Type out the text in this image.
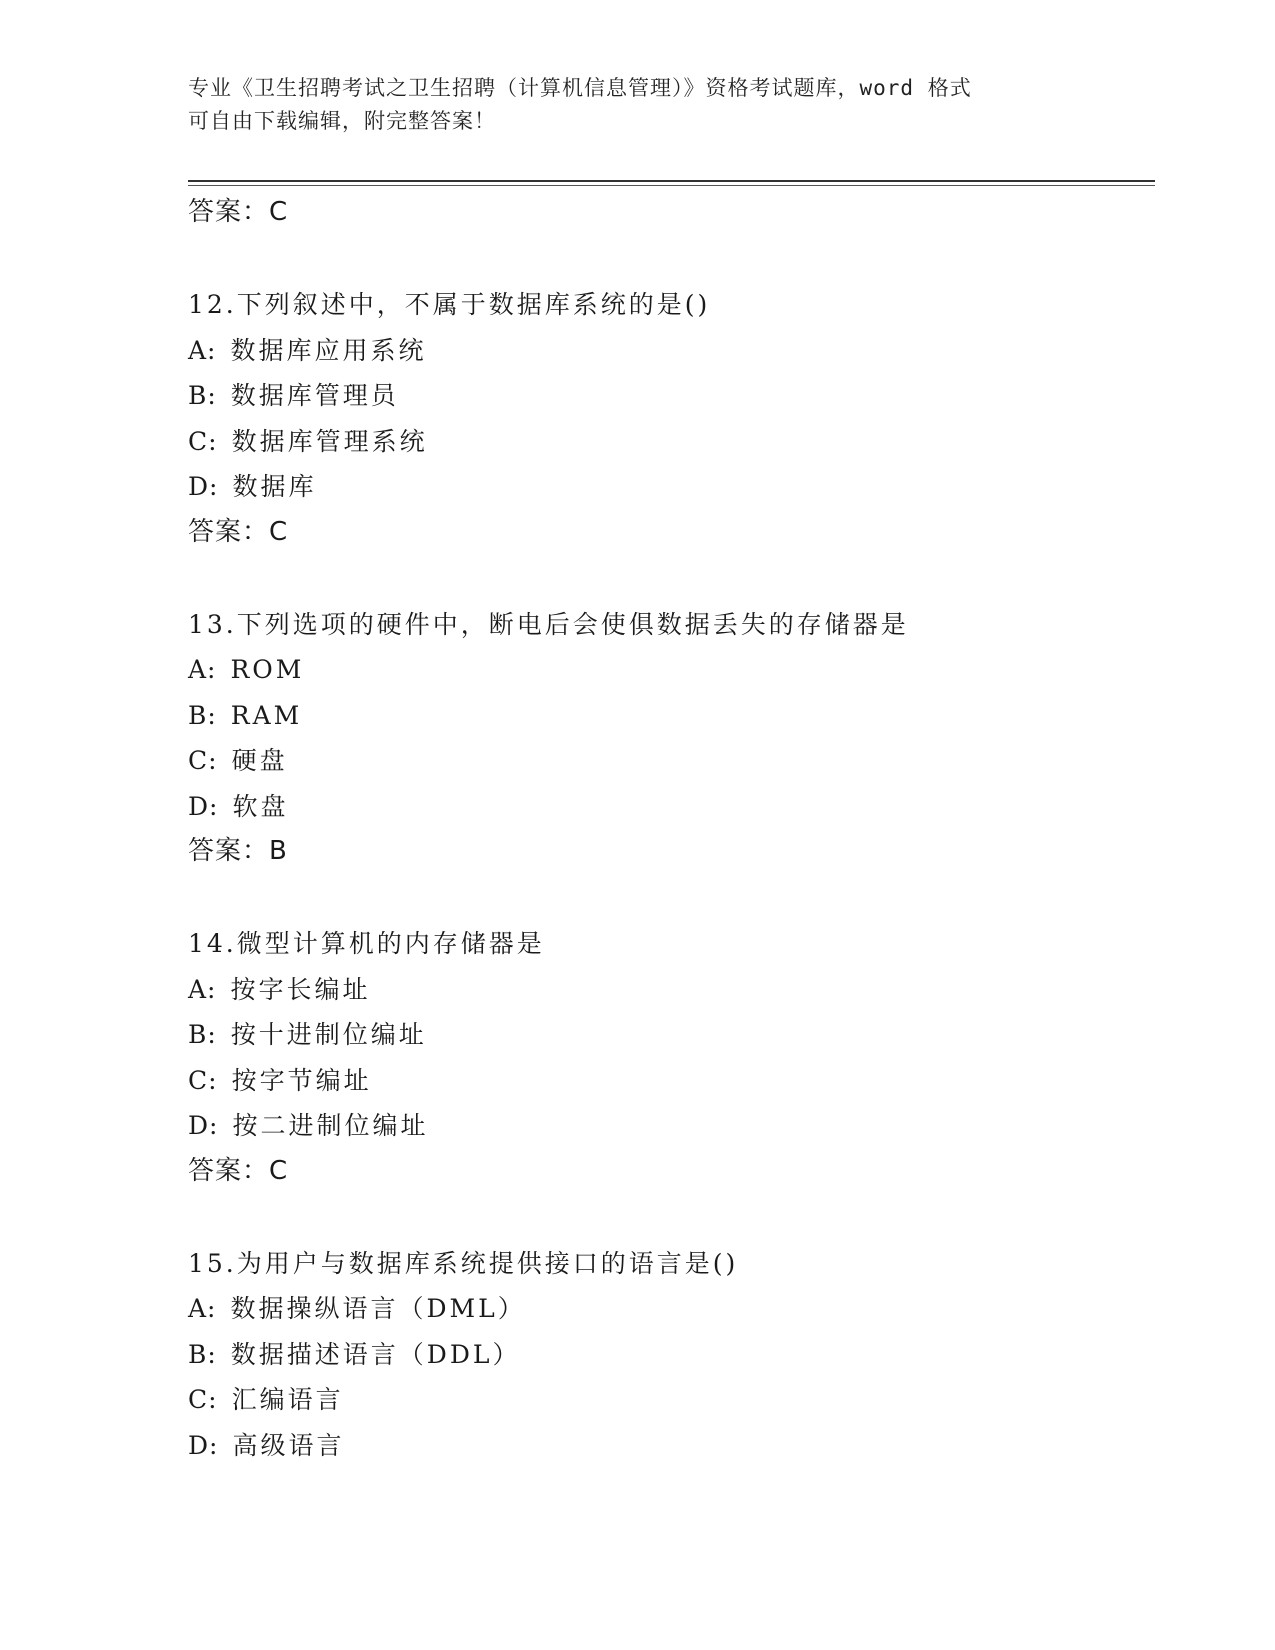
专业《卫生招聘考试之卫生招聘（计算机信息管理）》资格考试题库，word 格式
可自由下载编辑，附完整答案！
答案：C
12.下列叙述中，不属于数据库系统的是()
A: 数据库应用系统
B: 数据库管理员
C: 数据库管理系统
D: 数据库
答案：C
13.下列选项的硬件中，断电后会使俱数据丢失的存储器是
A: ROM
B: RAM
C: 硬盘
D: 软盘
答案：B
14.微型计算机的内存储器是
A: 按字长编址
B: 按十进制位编址
C: 按字节编址
D: 按二进制位编址
答案：C
15.为用户与数据库系统提供接口的语言是()
A: 数据操纵语言（DML）
B: 数据描述语言（DDL）
C: 汇编语言
D: 高级语言
